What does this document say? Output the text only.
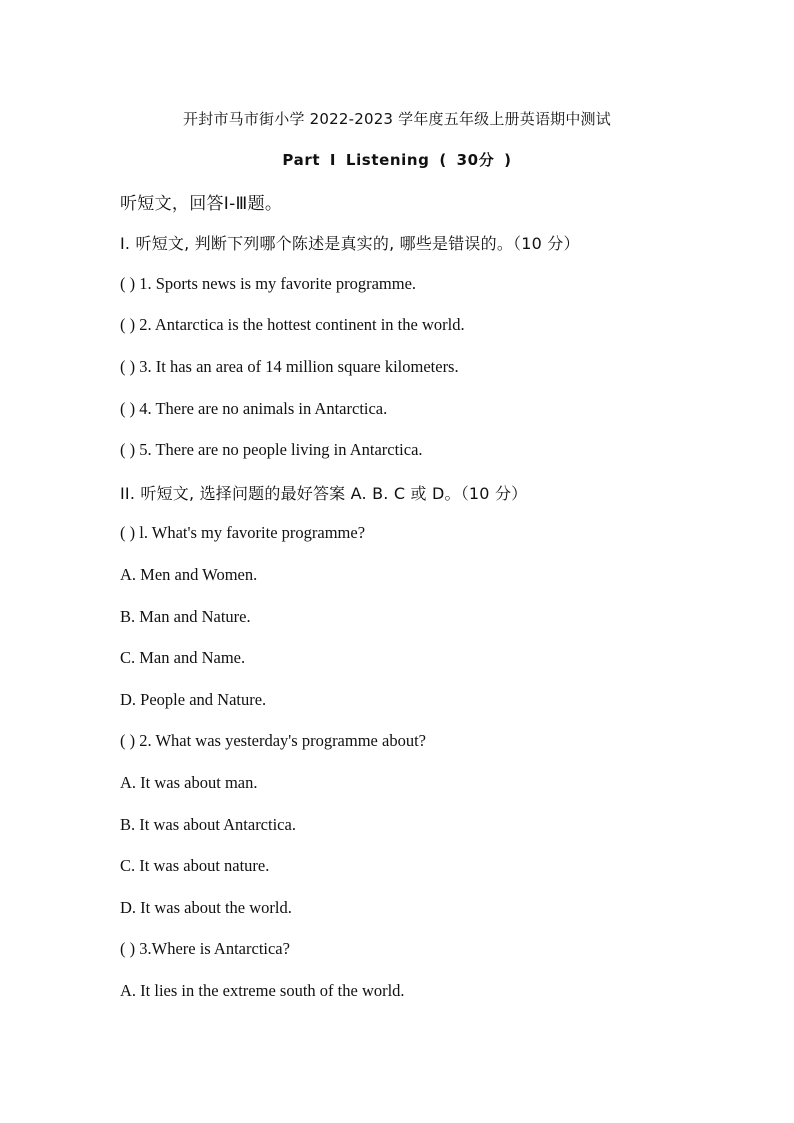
开封市马市街小学 2022-2023 学年度五年级上册英语期中测试
Part I Listening ( 30分 )
听短文，回答Ⅰ-Ⅲ题。
I. 听短文, 判断下列哪个陈述是真实的, 哪些是错误的。（10 分）
( ) 1. Sports news is my favorite programme.
( ) 2. Antarctica is the hottest continent in the world.
( ) 3. It has an area of 14 million square kilometers.
( ) 4. There are no animals in Antarctica.
( ) 5. There are no people living in Antarctica.
II. 听短文, 选择问题的最好答案 A. B. C 或 D。（10 分）
( ) l. What's my favorite programme?
A. Men and Women.
B. Man and Nature.
C. Man and Name.
D. People and Nature.
( ) 2. What was yesterday's programme about?
A. It was about man.
B. It was about Antarctica.
C. It was about nature.
D. It was about the world.
( ) 3.Where is Antarctica?
A. It lies in the extreme south of the world.
